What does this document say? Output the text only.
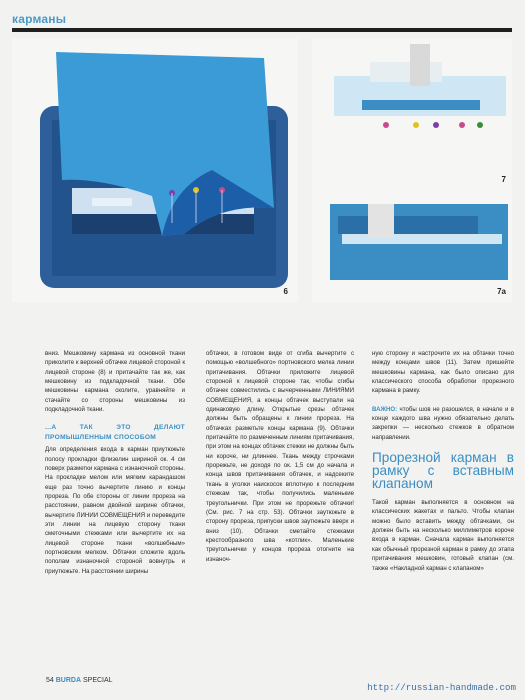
карманы
6
7
7a

вниз. Мешковину кармана из основной ткани приколите к верхней обтачке лицевой стороной к лицевой стороне (8) и притачайте так же, как мешковину из подкладочной ткани. Обе мешковины кармана сколите, уравняйте и стачайте со стороны мешковины из подкладочной ткани.

...А ТАК ЭТО ДЕЛАЮТ ПРОМЫШЛЕННЫМ СПОСОБОМ

Для определения входа в карман приутюжьте полосу прокладки флизелин шириной ок. 4 см поверх разметки кармана с изнаночной стороны. На прокладке мелом или мягким карандашом еще раз точно вычертите линию и концы прореза. По обе стороны от линии прореза на расстоянии, равном двойной ширине обтачки, вычертите ЛИНИИ СОВМЕЩЕНИЯ и переведите эти линии на лицевую сторону ткани сметочными стежками или вычертите их на лицевой стороне ткани «волшебным» портновским мелком. Обтачки сложите вдоль пополам изнаночной стороной вовнутрь и приутюжьте. На расстоянии ширины

обтачки, в готовом виде от сгиба вычертите с помощью «волшебного» портновского мелка линии притачивания. Обтачки приложите лицевой стороной к лицевой стороне так, чтобы сгибы обтачек совместились с вычерченными ЛИНИЯМИ СОВМЕЩЕНИЯ, а концы обтачек выступали на одинаковую длину. Открытые срезы обтачек должны быть обращены к линии прореза. На обтачках разметьте концы кармана (9). Обтачки притачайте по размеченным линиям притачивания, при этом на концах обтачек стежки не должны быть ни короче, ни длиннее. Ткань между строчками прорежьте, не доходя по ок. 1,5 см до начала и конца швов притачивания обтачек, и надсеките ткань в уголки наискосок вплотную к последним стежкам так, чтобы получились маленькие треугольнички. При этом не прорежьте обтачки! (См. рис. 7 на стр. 53). Обтачки заутюжьте в сторону прореза, припуски швов заутюжьте вверх и вниз (10). Обтачки сметайте стежками крестообразного шва «котлик». Маленькие треугольнички у концов прореза отогните на изнаноч-

ную сторону и настрочите их на обтачки точно между концами швов (11). Затем пришейте мешковины кармана, как было описано для классического способа обработки прорезного кармана в рамку.

ВАЖНО: чтобы шов не разошелся, в начале и в конце каждого шва нужно обязательно делать закрепки — несколько стежков в обратном направлении.

Прорезной карман в рамку с вставным клапаном

Такой карман выполняется в основном на классических жакетах и пальто. Чтобы клапан можно было вставить между обтачками, он должен быть на несколько миллиметров короче входа в карман. Сначала карман выполняется как обычный прорезной карман в рамку до этапа притачивания мешковин, готовый клапан (см. также «Накладной карман с клапаном»

54 BURDA SPECIAL
http://russian-handmade.com
